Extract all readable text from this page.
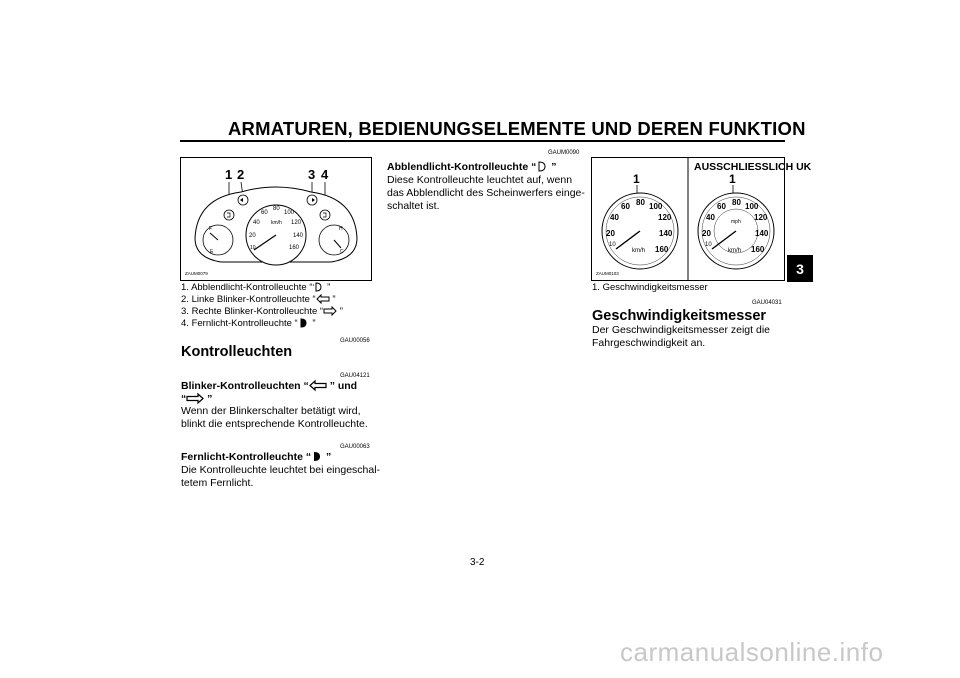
ARMATUREN, BEDIENUNGSELEMENTE UND DEREN FUNKTION
3
1 2	3 4
F
E
H
C
10
20
40
60
80
100
120
140
160
km/h
ZAUM0079
1. Abblendlicht-Kontrolleuchte “ ”
2. Linke Blinker-Kontrolleuchte “ ”
3. Rechte Blinker-Kontrolleuchte “ ”
4. Fernlicht-Kontrolleuchte “ ”
GAU00056
Kontrolleuchten
GAU04121
Blinker-Kontrolleuchten “ ” und
“ ”
Wenn der Blinkerschalter betätigt wird,
blinkt die entsprechende Kontrolleuchte.
GAU00063
Fernlicht-Kontrolleuchte “ ”
Die Kontrolleuchte leuchtet bei eingeschal-
tetem Fernlicht.
GAUM0090
Abblendlicht-Kontrolleuchte “ ”
Diese Kontrolleuchte leuchtet auf, wenn
das Abblendlicht des Scheinwerfers einge-
schaltet ist.
AUSSCHLIESSLICH UK
1	1
10
20
40
60 80 100
120
140
160
km/h
10
20
40
60 80 100
120
140
160
mph
km/h
ZAUM0103
1. Geschwindigkeitsmesser
GAU04031
Geschwindigkeitsmesser
Der Geschwindigkeitsmesser zeigt die
Fahrgeschwindigkeit an.
3-2
carmanualsonline.info
